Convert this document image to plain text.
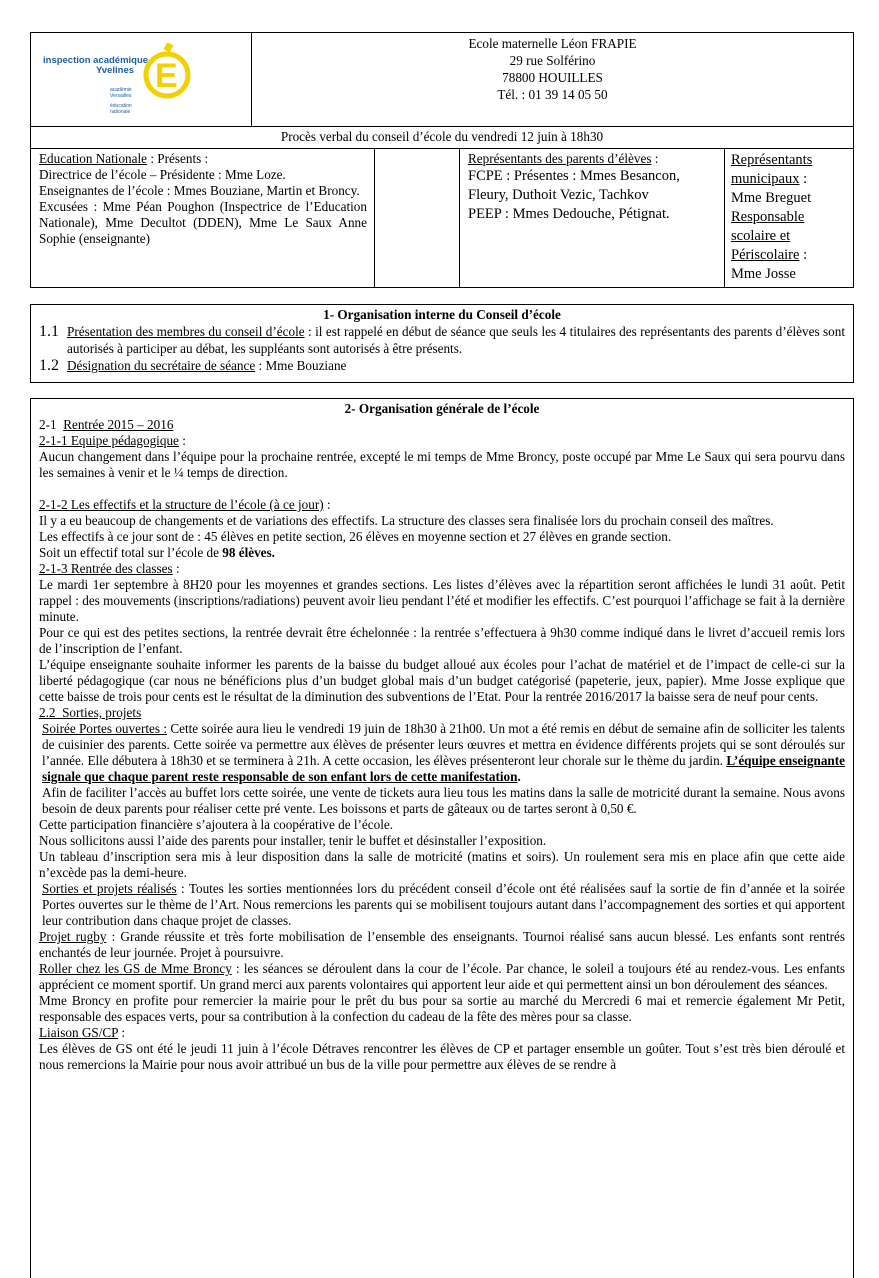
E
inspection académique
Yvelines
académie
Versailles
éducation
nationale
Ecole maternelle Léon FRAPIE
29 rue Solférino
78800 HOUILLES
Tél. : 01 39 14 05 50
Procès verbal du conseil d’école du vendredi 12 juin à 18h30

Education Nationale : Présents :

Directrice de l’école – Présidente : Mme Loze.

Enseignantes de l’école : Mmes Bouziane, Martin et Broncy.

Excusées : Mme Péan Poughon (Inspectrice de l’Education Nationale), Mme Decultot (DDEN), Mme Le Saux Anne Sophie (enseignante)

Représentants des parents d’élèves :

FCPE : Présentes : Mmes Besancon, Fleury, Duthoit Vezic, Tachkov

PEEP : Mmes Dedouche, Pétignat.

Représentants municipaux :

Mme Breguet

Responsable scolaire et Périscolaire :

Mme Josse

1- Organisation interne du Conseil d’école
1.1 Présentation des membres du conseil d’école : il est rappelé en début de séance que seuls les 4 titulaires des représentants des parents d’élèves sont autorisés à participer au débat, les suppléants sont autorisés à être présents.

1.2 Désignation du secrétaire de séance : Mme Bouziane

2- Organisation générale de l’école

2-1 Rentrée 2015 – 2016

2-1-1 Equipe pédagogique :

Aucun changement dans l’équipe pour la prochaine rentrée, excepté le mi temps de Mme Broncy, poste occupé par Mme Le Saux qui sera pourvu dans les semaines à venir et le ¼ temps de direction.

2-1-2 Les effectifs et la structure de l’école (à ce jour) :

Il y a eu beaucoup de changements et de variations des effectifs. La structure des classes sera finalisée lors du prochain conseil des maîtres.

Les effectifs à ce jour sont de : 45 élèves en petite section, 26 élèves en moyenne section et 27 élèves en grande section.

Soit un effectif total sur l’école de 98 élèves.

2-1-3 Rentrée des classes :

Le mardi 1er septembre à 8H20 pour les moyennes et grandes sections. Les listes d’élèves avec la répartition seront affichées le lundi 31 août. Petit rappel : des mouvements (inscriptions/radiations) peuvent avoir lieu pendant l’été et modifier les effectifs. C’est pourquoi l’affichage se fait à la dernière minute.

Pour ce qui est des petites sections, la rentrée devrait être échelonnée : la rentrée s’effectuera à 9h30 comme indiqué dans le livret d’accueil remis lors de l’inscription de l’enfant.

L’équipe enseignante souhaite informer les parents de la baisse du budget alloué aux écoles pour l’achat de matériel et de l’impact de celle-ci sur la liberté pédagogique (car nous ne bénéficions plus d’un budget global mais d’un budget catégorisé (papeterie, jeux, papier). Mme Josse explique que cette baisse de trois pour cents est le résultat de la diminution des subventions de l’Etat. Pour la rentrée 2016/2017 la baisse sera de neuf pour cents.

2.2 Sorties, projets

Soirée Portes ouvertes : Cette soirée aura lieu le vendredi 19 juin de 18h30 à 21h00. Un mot a été remis en début de semaine afin de solliciter les talents de cuisinier des parents. Cette soirée va permettre aux élèves de présenter leurs œuvres et mettra en évidence différents projets qui se sont déroulés sur l’année. Elle débutera à 18h30 et se terminera à 21h. A cette occasion, les élèves présenteront leur chorale sur le thème du jardin. L’équipe enseignante signale que chaque parent reste responsable de son enfant lors de cette manifestation.

Afin de faciliter l’accès au buffet lors cette soirée, une vente de tickets aura lieu tous les matins dans la salle de motricité durant la semaine. Nous avons besoin de deux parents pour réaliser cette pré vente. Les boissons et parts de gâteaux ou de tartes seront à 0,50 €.

Cette participation financière s’ajoutera à la coopérative de l’école.

Nous sollicitons aussi l’aide des parents pour installer, tenir le buffet et désinstaller l’exposition.

Un tableau d’inscription sera mis à leur disposition dans la salle de motricité (matins et soirs). Un roulement sera mis en place afin que cette aide n’excède pas la demi-heure.

Sorties et projets réalisés : Toutes les sorties mentionnées lors du précédent conseil d’école ont été réalisées sauf la sortie de fin d’année et la soirée Portes ouvertes sur le thème de l’Art. Nous remercions les parents qui se mobilisent toujours autant dans l’accompagnement des sorties et qui apportent leur contribution dans chaque projet de classes.

Projet rugby : Grande réussite et très forte mobilisation de l’ensemble des enseignants. Tournoi réalisé sans aucun blessé. Les enfants sont rentrés enchantés de leur journée. Projet à poursuivre.

Roller chez les GS de Mme Broncy : les séances se déroulent dans la cour de l’école. Par chance, le soleil a toujours été au rendez-vous. Les enfants apprécient ce moment sportif. Un grand merci aux parents volontaires qui apportent leur aide et qui permettent ainsi un bon déroulement des séances.

Mme Broncy en profite pour remercier la mairie pour le prêt du bus pour sa sortie au marché du Mercredi 6 mai et remercie également Mr Petit, responsable des espaces verts, pour sa contribution à la confection du cadeau de la fête des mères pour sa classe.

Liaison GS/CP :

Les élèves de GS ont été le jeudi 11 juin à l’école Détraves rencontrer les élèves de CP et partager ensemble un goûter. Tout s’est très bien déroulé et nous remercions la Mairie pour nous avoir attribué un bus de la ville pour permettre aux élèves de se rendre à
